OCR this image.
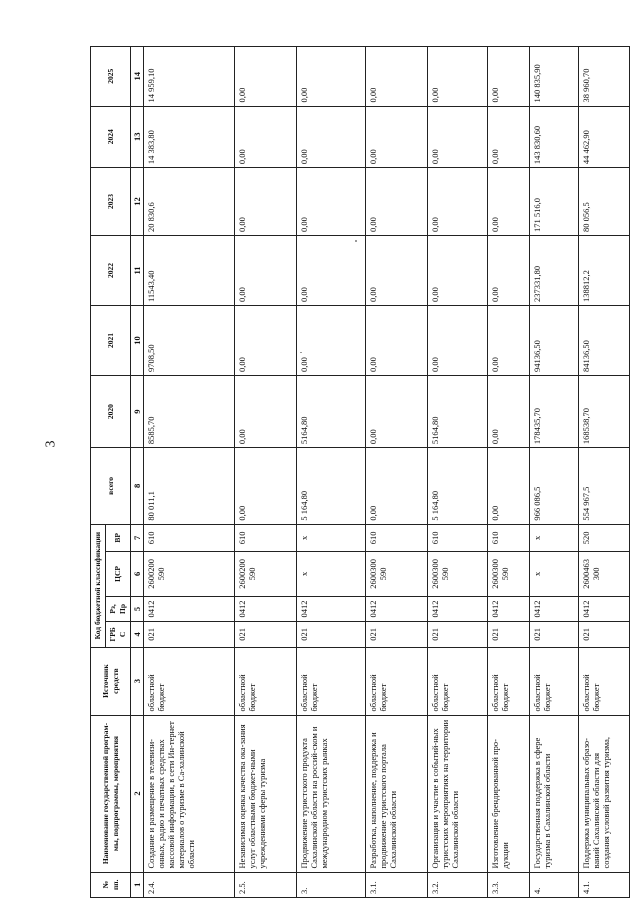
3
№ пп.	Наименование государственной програм-мы, подпрограммы, мероприятия	Источник средств	Код бюджетной классификации				всего	2020	2021	2022	2023	2024	2025
			ГРБ С	Рз, Пр	ЦСР	ВР							
1	2	3	4	5	6	7	8	9	10	11	12	13	14
2.4.	Создание и размещение в телевизи-онных, радио и печатных средствах массовой информации, в сети Ин-тернет материалов о туризме в Са-халинской области	областной бюджет	021	0412	2600200 590	610	80 011,1	8585,70	9708,50	11543,40	20 830,6	14 383,80	14 959,10
2.5.	Независимая оценка качества ока-зания услуг областными бюджет-ными учреждениями сферы туризма	областной бюджет	021	0412	2600200 590	610	0,00	0,00	0,00	0,00	0,00	0,00	0,00
3.	Продвижение туристского продукта Сахалинской области на россий-ском и международном туристских рынках	областной бюджет	021	0412	x	x	5 164,80	5164,80	0,00	0,00	0,00	0,00	0,00
3.1.	Разработка, наполнение, поддержка и продвижение туристского портала Сахалинской области	областной бюджет	021	0412	2600300 590	610	0,00	0,00	0,00	0,00	0,00	0,00	0,00
3.2.	Организация и участие в событий-ных туристских мероприятиях на территории Сахалинской области	областной бюджет	021	0412	2600300 590	610	5 164,80	5164,80	0,00	0,00	0,00	0,00	0,00
3.3.	Изготовление брендированной про-дукции	областной бюджет	021	0412	2600300 590	610	0,00	0,00	0,00	0,00	0,00	0,00	0,00
4.	Государственная поддержка в сфере туризма в Сахалинской области	областной бюджет	021	0412	x	x	966 086,5	178435,70	94136,50	237331,80	171 516,0	143 830,60	140 835,90
4.1.	Поддержка муниципальных образо-ваний Сахалинской области для создания условий развития туризма,	областной бюджет	021	0412	2600463 300	520	554 967,5	168538,70	84136,50	138812,2	80 056,5	44 462,90	38 960,70
